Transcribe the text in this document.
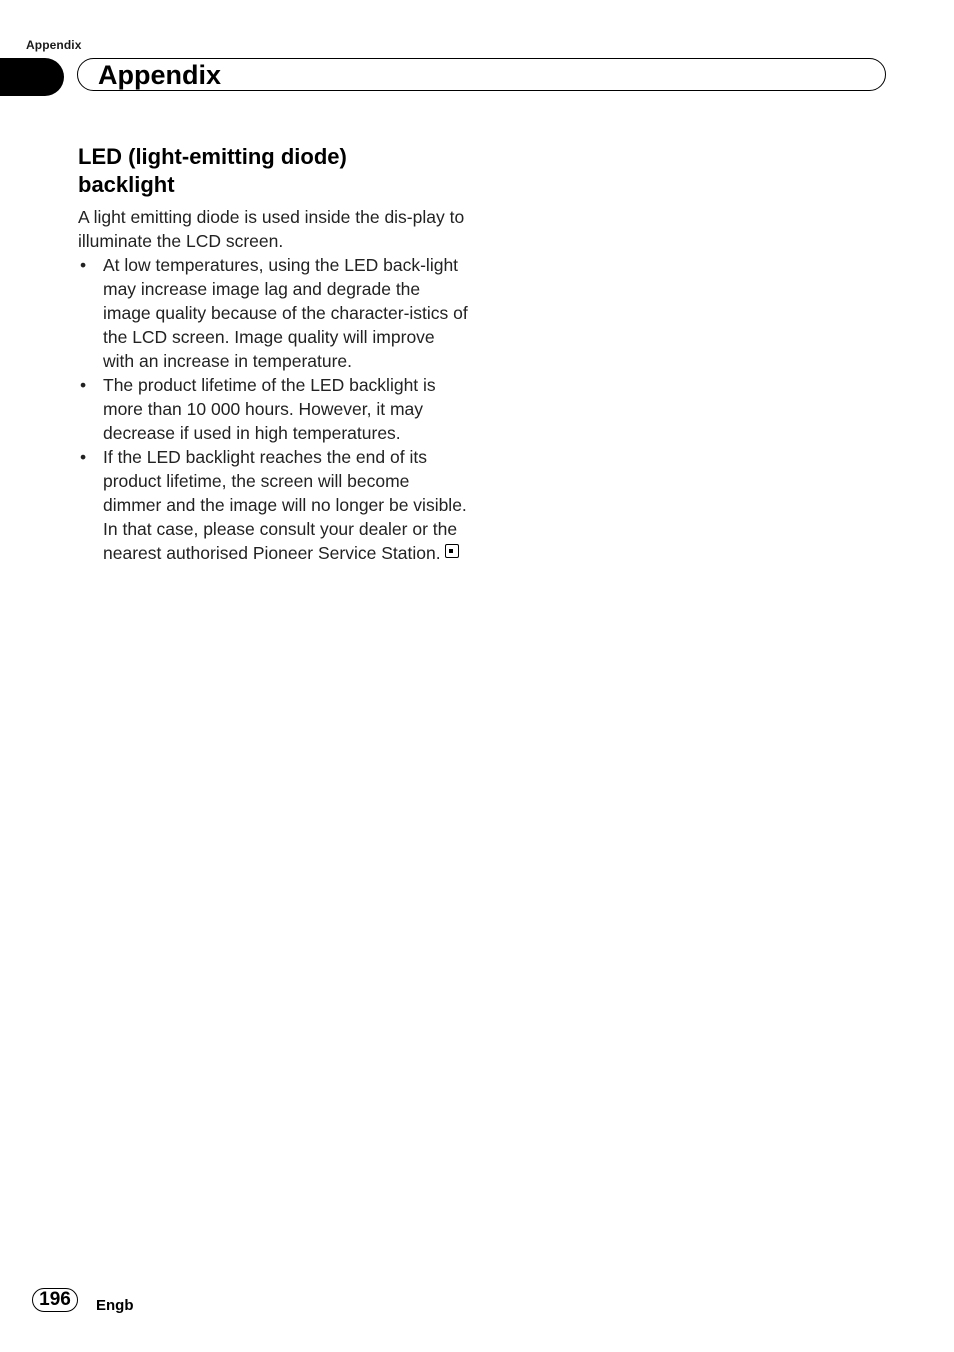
Appendix
Appendix
LED (light-emitting diode)
backlight

A light emitting diode is used inside the dis-play to illuminate the LCD screen.

• At low temperatures, using the LED back-light may increase image lag and degrade the image quality because of the character-istics of the LCD screen. Image quality will improve with an increase in temperature.
• The product lifetime of the LED backlight is more than 10 000 hours. However, it may decrease if used in high temperatures.
• If the LED backlight reaches the end of its product lifetime, the screen will become dimmer and the image will no longer be visible. In that case, please consult your dealer or the nearest authorised Pioneer Service Station.
196	Engb
